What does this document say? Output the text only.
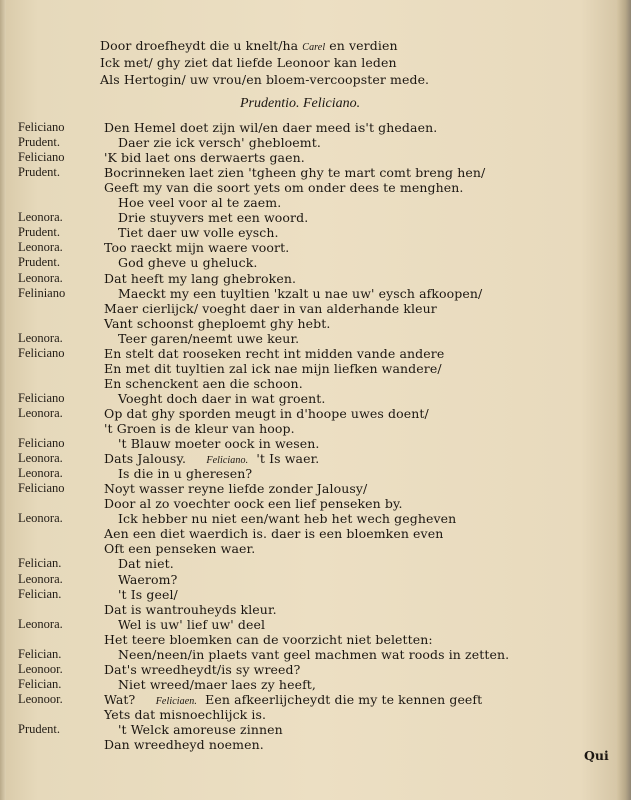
Door droefheydt die u knelt/ha Carel en verdien
Ick met/ ghy ziet dat liefde Leonoor kan leden
Als Hertogin/ uw vrou/en bloem-vercoopster mede.
Prudentio. Feliciano.
Feliciano	Den Hemel doet zijn wil/en daer meed is't ghedaen.
Prudent.	Daer zie ick versch' ghebloemt.
Feliciano	'K bid laet ons derwaerts gaen.
Prudent.	Bocrinneken laet zien 'tgheen ghy te mart comt breng hen/
Geeft my van die soort yets om onder dees te menghen.
Hoe veel voor al te zaem.
Leonora.	Drie stuyvers met een woord.
Prudent.	Tiet daer uw volle eysch.
Leonora.	Too raeckt mijn waere voort.
Prudent.	God gheve u gheluck.
Leonora.	Dat heeft my lang ghebroken.
Feliniano	Maeckt my een tuyltien 'kzalt u nae uw' eysch afkoopen/
Maer cierlijck/ voeght daer in van alderhande kleur
Vant schoonst gheploemt ghy hebt.
Leonora.	Teer garen/neemt uwe keur.
Feliciano	En stelt dat rooseken recht int midden vande andere
En met dit tuyltien zal ick nae mijn liefken wandere/
En schenckent aen die schoon.
Feliciano	Voeght doch daer in wat groent.
Leonora.	Op dat ghy sporden meugt in d'hoope uwes doent/
't Groen is de kleur van hoop.
Feliciano	't Blauw moeter oock in wesen.
Leonora.	Dats Jalousy. Feliciano. 't Is waer.
Leonora.	Is die in u gheresen?
Feliciano	Noyt wasser reyne liefde zonder Jalousy/
Door al zo voechter oock een lief penseken by.
Leonora.	Ick hebber nu niet een/want heb het wech gegheven
Aen een diet waerdich is. daer is een bloemken even
Oft een penseken waer.
Felician.	Dat niet.
Leonora.	Waerom?
Felician.	't Is geel/
Dat is wantrouheyds kleur.
Leonora.	Wel is uw' lief uw' deel
Het teere bloemken can de voorzicht niet beletten:
Felician.	Neen/neen/in plaets vant geel machmen wat roods in zetten.
Leonoor.	Dat's wreedheydt/is sy wreed?
Felician.	Niet wreed/maer laes zy heeft,
Leonoor.	Wat? Feliciaen. Een afkeerlijcheydt die my te kennen geeft
Yets dat misnoechlijck is.
Prudent.	't Welck amoreuse zinnen
Dan wreedheyd noemen.
Qui
